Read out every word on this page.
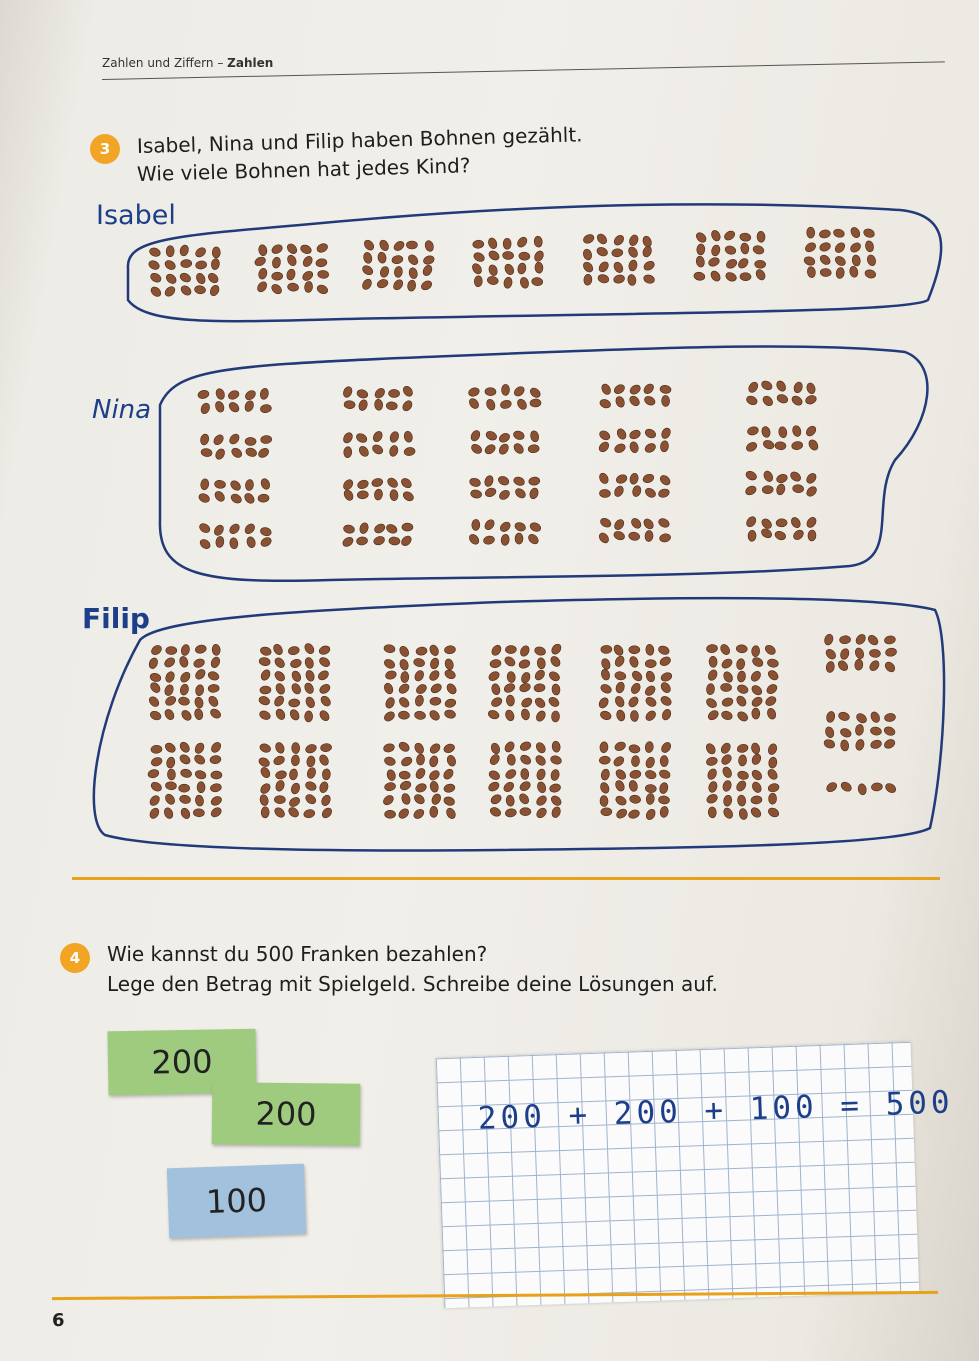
Zahlen und Ziffern – Zahlen
3	Isabel, Nina und Filip haben Bohnen gezählt.
Wie viele Bohnen hat jedes Kind?
Isabel
Nina
Filip
4	Wie kannst du 500 Franken bezahlen?
Lege den Betrag mit Spielgeld. Schreibe deine Lösungen auf.
200
200
100
200 + 200 + 100 = 500
6
